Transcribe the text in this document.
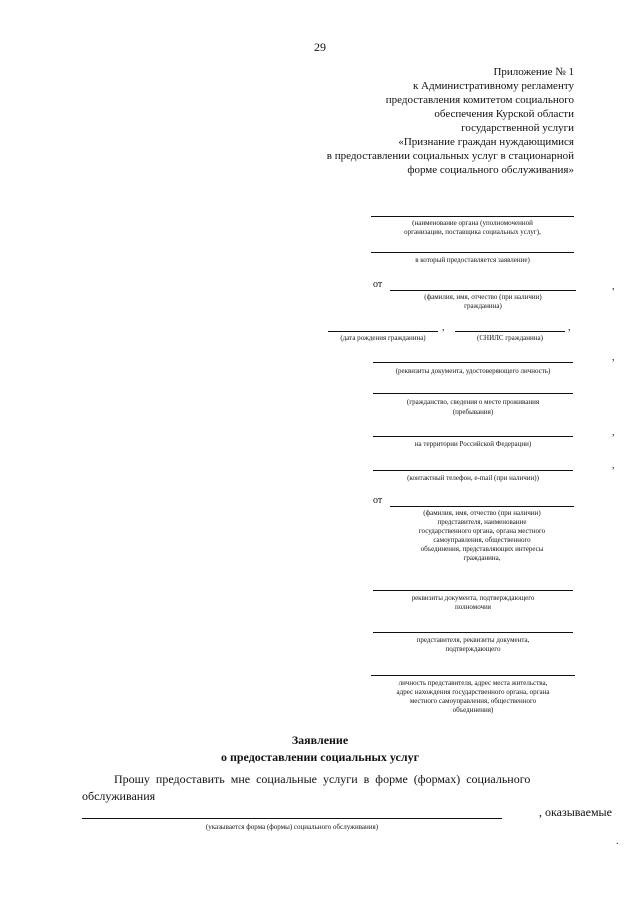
29
Приложение № 1
к Административному регламенту
предоставления комитетом социального
обеспечения Курской области
государственной услуги
«Признание граждан нуждающимися
в предоставлении социальных услуг в стационарной
форме социального обслуживания»
(наименование органа (уполномоченной
организации, поставщика социальных услуг),
в который предоставляется заявление)
от	,
(фамилия, имя, отчество (при наличии)
гражданина)
,	,
(дата рождения гражданина)	(СНИЛС гражданина)
,
(реквизиты документа, удостоверяющего личность)
(гражданство, сведения о месте проживания
(пребывания)
,
на территории Российской Федерации)
,
(контактный телефон, e-mail (при наличии))
от
(фамилия, имя, отчество (при наличии)
представителя, наименование
государственного органа, органа местного
самоуправления, общественного
объединения, представляющих интересы
гражданина,
реквизиты документа, подтверждающего
полномочия
представителя, реквизиты документа,
подтверждающего
личность представителя, адрес места жительства,
адрес нахождения государственного органа, органа
местного самоуправления, общественного
объединения)
Заявление
о предоставлении социальных услуг
Прошу  предоставить  мне  социальные  услуги  в  форме  (формах)  социального
обслуживания
, оказываемые
(указывается форма (формы) социального обслуживания)
.
